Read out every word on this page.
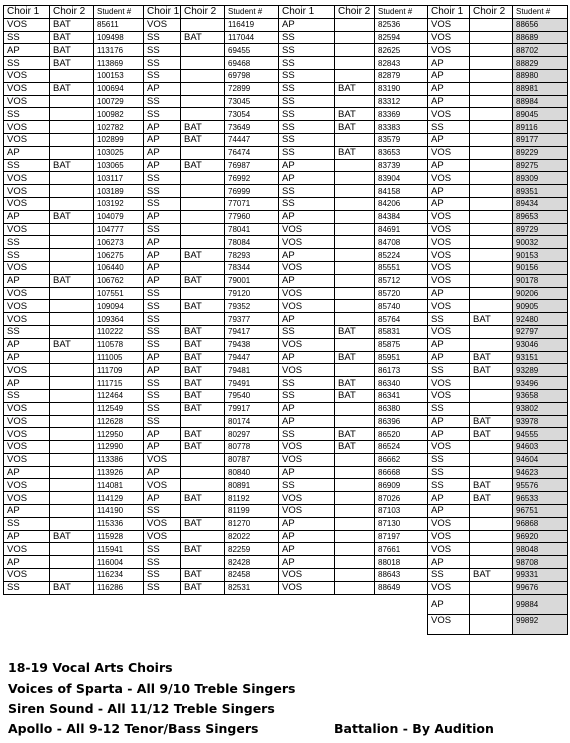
Choir 1	Choir 2	Student #	Choir 1	Choir 2	Student #	Choir 1	Choir 2	Student #	Choir 1	Choir 2	Student #
VOS	BAT	85611	VOS		116419	AP		82536	VOS		88656
SS	BAT	109498	SS	BAT	117044	SS		82594	VOS		88689
AP	BAT	113176	SS		69455	SS		82625	VOS		88702
SS	BAT	113869	SS		69468	SS		82843	AP		88829
VOS		100153	SS		69798	SS		82879	AP		88980
VOS	BAT	100694	AP		72899	SS	BAT	83190	AP		88981
VOS		100729	SS		73045	SS		83312	AP		88984
SS		100982	SS		73054	SS	BAT	83369	VOS		89045
VOS		102782	AP	BAT	73649	SS	BAT	83383	SS		89116
VOS		102899	AP	BAT	74447	SS		83579	AP		89177
AP		103025	AP		76474	SS	BAT	83653	VOS		89229
SS	BAT	103065	AP	BAT	76987	AP		83739	AP		89275
VOS		103117	SS		76992	AP		83904	VOS		89309
VOS		103189	SS		76999	SS		84158	AP		89351
VOS		103192	SS		77071	SS		84206	AP		89434
AP	BAT	104079	AP		77960	AP		84384	VOS		89653
VOS		104777	SS		78041	VOS		84691	VOS		89729
SS		106273	AP		78084	VOS		84708	VOS		90032
SS		106275	AP	BAT	78293	AP		85224	VOS		90153
VOS		106440	AP		78344	VOS		85551	VOS		90156
AP	BAT	106762	AP	BAT	79001	AP		85712	VOS		90178
VOS		107551	SS		79120	VOS		85720	AP		90206
VOS		109094	SS	BAT	79352	VOS		85740	VOS		90905
VOS		109364	SS		79377	AP		85764	SS	BAT	92480
SS		110222	SS	BAT	79417	SS	BAT	85831	VOS		92797
AP	BAT	110578	SS	BAT	79438	VOS		85875	AP		93046
AP		111005	AP	BAT	79447	AP	BAT	85951	AP	BAT	93151
VOS		111709	AP	BAT	79481	VOS		86173	SS	BAT	93289
AP		111715	SS	BAT	79491	SS	BAT	86340	VOS		93496
SS		112464	SS	BAT	79540	SS	BAT	86341	VOS		93658
VOS		112549	SS	BAT	79917	AP		86380	SS		93802
VOS		112628	SS		80174	AP		86396	AP	BAT	93978
VOS		112950	AP	BAT	80297	SS	BAT	86520	AP	BAT	94555
VOS		112990	AP	BAT	80778	VOS	BAT	86524	VOS		94603
VOS		113386	VOS		80787	VOS		86662	SS		94604
AP		113926	AP		80840	AP		86668	SS		94623
VOS		114081	VOS		80891	SS		86909	SS	BAT	95576
VOS		114129	AP	BAT	81192	VOS		87026	AP	BAT	96533
AP		114190	SS		81199	VOS		87103	AP		96751
SS		115336	VOS	BAT	81270	AP		87130	VOS		96868
AP	BAT	115928	VOS		82022	AP		87197	VOS		96920
VOS		115941	SS	BAT	82259	AP		87661	VOS		98048
AP		116004	SS		82428	AP		88018	AP		98708
VOS		116234	SS	BAT	82458	VOS		88643	SS	BAT	99331
SS	BAT	116286	SS	BAT	82531	VOS		88649	VOS		99676
									AP		99884
									VOS		99892
18-19 Vocal Arts Choirs
Voices of Sparta - All 9/10 Treble Singers
Siren Sound - All 11/12 Treble Singers
Apollo - All 9-12 Tenor/Bass Singers	Battalion - By Audition
